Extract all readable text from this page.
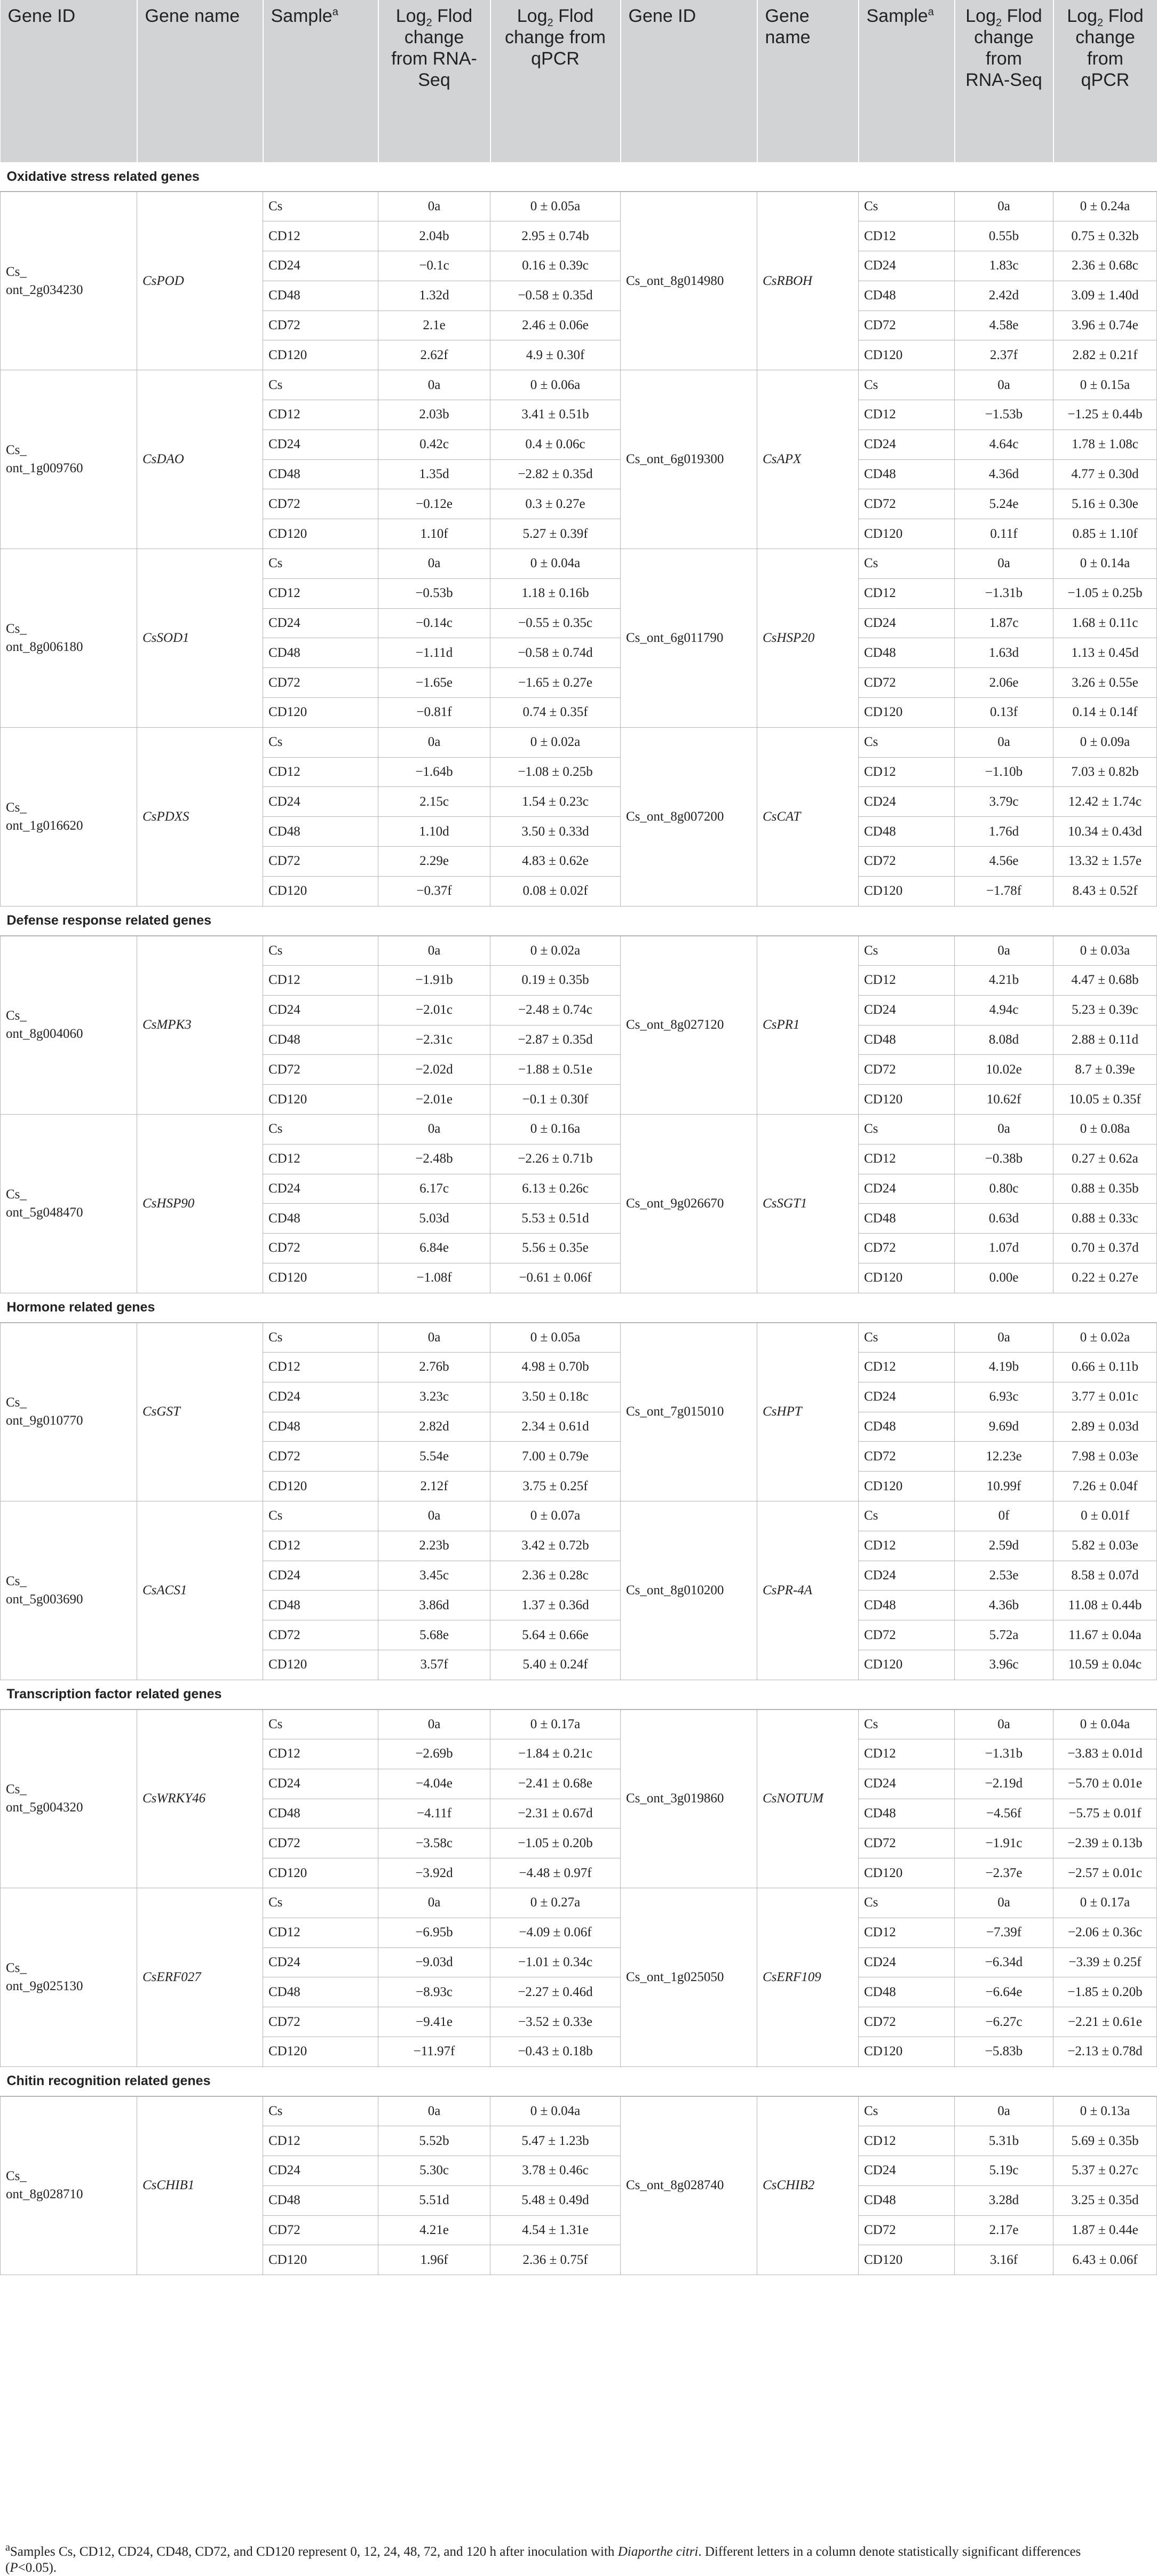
Gene ID	Gene name	Sample$^a$	Log$_2$ Flod change from RNA-Seq	Log$_2$ Flod change from qPCR	Gene ID	Gene name	Sample$^a$	Log$_2$ Flod change from RNA-Seq	Log$_2$ Flod change from qPCR
Oxidative stress related genes									
Cs_
ont_2g034230	CsPOD	Cs	0a	0 ± 0.05a	Cs_ont_8g014980	CsRBOH	Cs	0a	0 ± 0.24a
		CD12	2.04b	2.95 ± 0.74b			CD12	0.55b	0.75 ± 0.32b
		CD24	−0.1c	0.16 ± 0.39c			CD24	1.83c	2.36 ± 0.68c
		CD48	1.32d	−0.58 ± 0.35d			CD48	2.42d	3.09 ± 1.40d
		CD72	2.1e	2.46 ± 0.06e			CD72	4.58e	3.96 ± 0.74e
		CD120	2.62f	4.9 ± 0.30f			CD120	2.37f	2.82 ± 0.21f
Cs_
ont_1g009760	CsDAO	Cs	0a	0 ± 0.06a	Cs_ont_6g019300	CsAPX	Cs	0a	0 ± 0.15a
		CD12	2.03b	3.41 ± 0.51b			CD12	−1.53b	−1.25 ± 0.44b
		CD24	0.42c	0.4 ± 0.06c			CD24	4.64c	1.78 ± 1.08c
		CD48	1.35d	−2.82 ± 0.35d			CD48	4.36d	4.77 ± 0.30d
		CD72	−0.12e	0.3 ± 0.27e			CD72	5.24e	5.16 ± 0.30e
		CD120	1.10f	5.27 ± 0.39f			CD120	0.11f	0.85 ± 1.10f
Cs_
ont_8g006180	CsSOD1	Cs	0a	0 ± 0.04a	Cs_ont_6g011790	CsHSP20	Cs	0a	0 ± 0.14a
		CD12	−0.53b	1.18 ± 0.16b			CD12	−1.31b	−1.05 ± 0.25b
		CD24	−0.14c	−0.55 ± 0.35c			CD24	1.87c	1.68 ± 0.11c
		CD48	−1.11d	−0.58 ± 0.74d			CD48	1.63d	1.13 ± 0.45d
		CD72	−1.65e	−1.65 ± 0.27e			CD72	2.06e	3.26 ± 0.55e
		CD120	−0.81f	0.74 ± 0.35f			CD120	0.13f	0.14 ± 0.14f
Cs_
ont_1g016620	CsPDXS	Cs	0a	0 ± 0.02a	Cs_ont_8g007200	CsCAT	Cs	0a	0 ± 0.09a
		CD12	−1.64b	−1.08 ± 0.25b			CD12	−1.10b	7.03 ± 0.82b
		CD24	2.15c	1.54 ± 0.23c			CD24	3.79c	12.42 ± 1.74c
		CD48	1.10d	3.50 ± 0.33d			CD48	1.76d	10.34 ± 0.43d
		CD72	2.29e	4.83 ± 0.62e			CD72	4.56e	13.32 ± 1.57e
		CD120	−0.37f	0.08 ± 0.02f			CD120	−1.78f	8.43 ± 0.52f
Defense response related genes									
Cs_
ont_8g004060	CsMPK3	Cs	0a	0 ± 0.02a	Cs_ont_8g027120	CsPR1	Cs	0a	0 ± 0.03a
		CD12	−1.91b	0.19 ± 0.35b			CD12	4.21b	4.47 ± 0.68b
		CD24	−2.01c	−2.48 ± 0.74c			CD24	4.94c	5.23 ± 0.39c
		CD48	−2.31c	−2.87 ± 0.35d			CD48	8.08d	2.88 ± 0.11d
		CD72	−2.02d	−1.88 ± 0.51e			CD72	10.02e	8.7 ± 0.39e
		CD120	−2.01e	−0.1 ± 0.30f			CD120	10.62f	10.05 ± 0.35f
Cs_
ont_5g048470	CsHSP90	Cs	0a	0 ± 0.16a	Cs_ont_9g026670	CsSGT1	Cs	0a	0 ± 0.08a
		CD12	−2.48b	−2.26 ± 0.71b			CD12	−0.38b	0.27 ± 0.62a
		CD24	6.17c	6.13 ± 0.26c			CD24	0.80c	0.88 ± 0.35b
		CD48	5.03d	5.53 ± 0.51d			CD48	0.63d	0.88 ± 0.33c
		CD72	6.84e	5.56 ± 0.35e			CD72	1.07d	0.70 ± 0.37d
		CD120	−1.08f	−0.61 ± 0.06f			CD120	0.00e	0.22 ± 0.27e
Hormone related genes									
Cs_
ont_9g010770	CsGST	Cs	0a	0 ± 0.05a	Cs_ont_7g015010	CsHPT	Cs	0a	0 ± 0.02a
		CD12	2.76b	4.98 ± 0.70b			CD12	4.19b	0.66 ± 0.11b
		CD24	3.23c	3.50 ± 0.18c			CD24	6.93c	3.77 ± 0.01c
		CD48	2.82d	2.34 ± 0.61d			CD48	9.69d	2.89 ± 0.03d
		CD72	5.54e	7.00 ± 0.79e			CD72	12.23e	7.98 ± 0.03e
		CD120	2.12f	3.75 ± 0.25f			CD120	10.99f	7.26 ± 0.04f
Cs_
ont_5g003690	CsACS1	Cs	0a	0 ± 0.07a	Cs_ont_8g010200	CsPR-4A	Cs	0f	0 ± 0.01f
		CD12	2.23b	3.42 ± 0.72b			CD12	2.59d	5.82 ± 0.03e
		CD24	3.45c	2.36 ± 0.28c			CD24	2.53e	8.58 ± 0.07d
		CD48	3.86d	1.37 ± 0.36d			CD48	4.36b	11.08 ± 0.44b
		CD72	5.68e	5.64 ± 0.66e			CD72	5.72a	11.67 ± 0.04a
		CD120	3.57f	5.40 ± 0.24f			CD120	3.96c	10.59 ± 0.04c
Transcription factor related genes									
Cs_
ont_5g004320	CsWRKY46	Cs	0a	0 ± 0.17a	Cs_ont_3g019860	CsNOTUM	Cs	0a	0 ± 0.04a
		CD12	−2.69b	−1.84 ± 0.21c			CD12	−1.31b	−3.83 ± 0.01d
		CD24	−4.04e	−2.41 ± 0.68e			CD24	−2.19d	−5.70 ± 0.01e
		CD48	−4.11f	−2.31 ± 0.67d			CD48	−4.56f	−5.75 ± 0.01f
		CD72	−3.58c	−1.05 ± 0.20b			CD72	−1.91c	−2.39 ± 0.13b
		CD120	−3.92d	−4.48 ± 0.97f			CD120	−2.37e	−2.57 ± 0.01c
Cs_
ont_9g025130	CsERF027	Cs	0a	0 ± 0.27a	Cs_ont_1g025050	CsERF109	Cs	0a	0 ± 0.17a
		CD12	−6.95b	−4.09 ± 0.06f			CD12	−7.39f	−2.06 ± 0.36c
		CD24	−9.03d	−1.01 ± 0.34c			CD24	−6.34d	−3.39 ± 0.25f
		CD48	−8.93c	−2.27 ± 0.46d			CD48	−6.64e	−1.85 ± 0.20b
		CD72	−9.41e	−3.52 ± 0.33e			CD72	−6.27c	−2.21 ± 0.61e
		CD120	−11.97f	−0.43 ± 0.18b			CD120	−5.83b	−2.13 ± 0.78d
Chitin recognition related genes									
Cs_
ont_8g028710	CsCHIB1	Cs	0a	0 ± 0.04a	Cs_ont_8g028740	CsCHIB2	Cs	0a	0 ± 0.13a
		CD12	5.52b	5.47 ± 1.23b			CD12	5.31b	5.69 ± 0.35b
		CD24	5.30c	3.78 ± 0.46c			CD24	5.19c	5.37 ± 0.27c
		CD48	5.51d	5.48 ± 0.49d			CD48	3.28d	3.25 ± 0.35d
		CD72	4.21e	4.54 ± 1.31e			CD72	2.17e	1.87 ± 0.44e
		CD120	1.96f	2.36 ± 0.75f			CD120	3.16f	6.43 ± 0.06f
$^a$Samples Cs, CD12, CD24, CD48, CD72, and CD120 represent 0, 12, 24, 48, 72, and 120 h after inoculation with Diaporthe citri. Different letters in a column denote statistically significant differences (P<0.05).
